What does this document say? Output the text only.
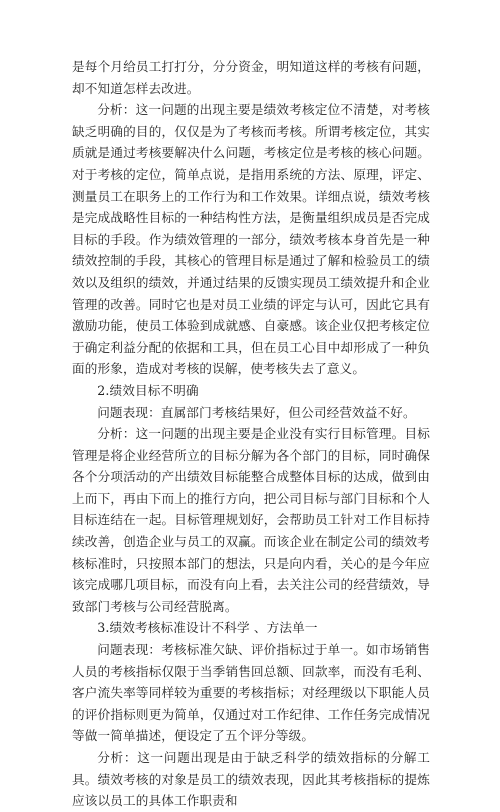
是每个月给员工打打分，分分资金，明知道这样的考核有问题，却不知道怎样去改进。

分析：这一问题的出现主要是绩效考核定位不清楚，对考核缺乏明确的目的，仅仅是为了考核而考核。所谓考核定位，其实质就是通过考核要解决什么问题，考核定位是考核的核心问题。对于考核的定位，简单点说，是指用系统的方法、原理，评定、测量员工在职务上的工作行为和工作效果。详细点说，绩效考核是完成战略性目标的一种结构性方法，是衡量组织成员是否完成目标的手段。作为绩效管理的一部分，绩效考核本身首先是一种绩效控制的手段，其核心的管理目标是通过了解和检验员工的绩效以及组织的绩效，并通过结果的反馈实现员工绩效提升和企业管理的改善。同时它也是对员工业绩的评定与认可，因此它具有激励功能，使员工体验到成就感、自豪感。该企业仅把考核定位于确定利益分配的依据和工具，但在员工心目中却形成了一种负面的形象，造成对考核的误解，使考核失去了意义。

2.绩效目标不明确

问题表现：直属部门考核结果好，但公司经营效益不好。

分析：这一问题的出现主要是企业没有实行目标管理。目标管理是将企业经营所立的目标分解为各个部门的目标，同时确保各个分项活动的产出绩效目标能整合成整体目标的达成，做到由上而下，再由下而上的推行方向，把公司目标与部门目标和个人目标连结在一起。目标管理规划好，会帮助员工针对工作目标持续改善，创造企业与员工的双赢。而该企业在制定公司的绩效考核标准时，只按照本部门的想法，只是向内看，关心的是今年应该完成哪几项目标，而没有向上看，去关注公司的经营绩效，导致部门考核与公司经营脱离。

3.绩效考核标准设计不科学 、方法单一

问题表现：考核标准欠缺、评价指标过于单一。如市场销售人员的考核指标仅限于当季销售回总额、回款率，而没有毛利、客户流失率等同样较为重要的考核指标；对经理级以下职能人员的评价指标则更为简单，仅通过对工作纪律、工作任务完成情况等做一简单描述，便设定了五个评分等级。

分析：这一问题出现是由于缺乏科学的绩效指标的分解工具。绩效考核的对象是员工的绩效表现，因此其考核指标的提炼应该以员工的具体工作职责和
